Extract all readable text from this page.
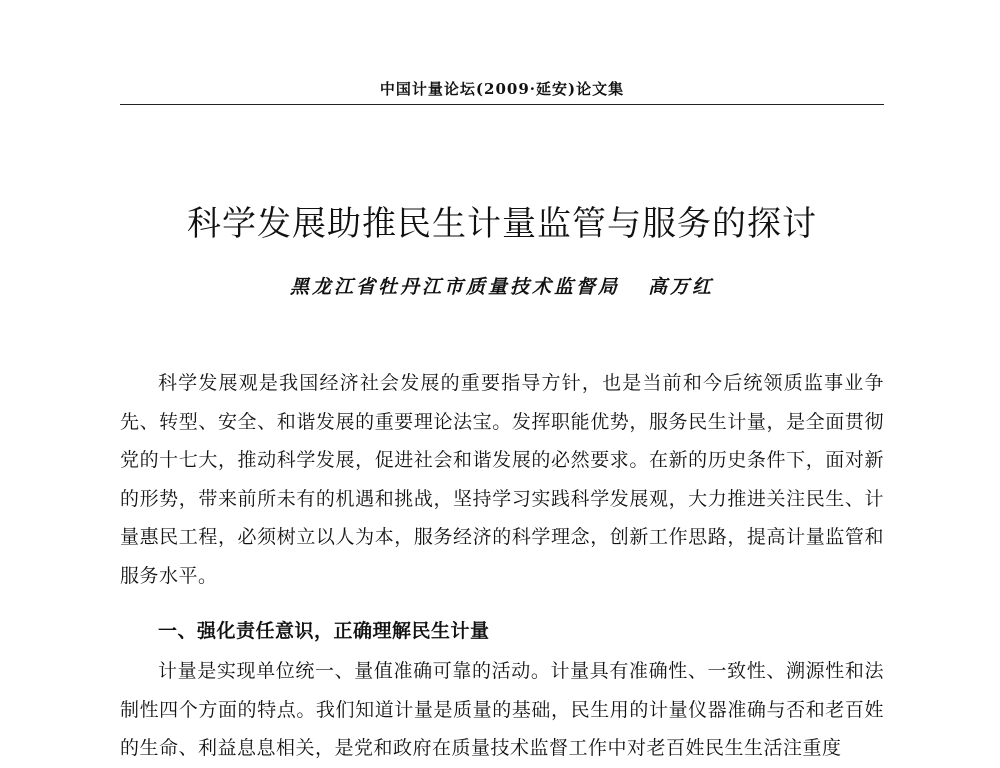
中国计量论坛(2009·延安)论文集
科学发展助推民生计量监管与服务的探讨
黑龙江省牡丹江市质量技术监督局 高万红

科学发展观是我国经济社会发展的重要指导方针，也是当前和今后统领质监事业争先、转型、安全、和谐发展的重要理论法宝。发挥职能优势，服务民生计量，是全面贯彻党的十七大，推动科学发展，促进社会和谐发展的必然要求。在新的历史条件下，面对新的形势，带来前所未有的机遇和挑战，坚持学习实践科学发展观，大力推进关注民生、计量惠民工程，必须树立以人为本，服务经济的科学理念，创新工作思路，提高计量监管和服务水平。

一、强化责任意识，正确理解民生计量

计量是实现单位统一、量值准确可靠的活动。计量具有准确性、一致性、溯源性和法制性四个方面的特点。我们知道计量是质量的基础，民生用的计量仪器准确与否和老百姓的生命、利益息息相关，是党和政府在质量技术监督工作中对老百姓民生生活注重度
